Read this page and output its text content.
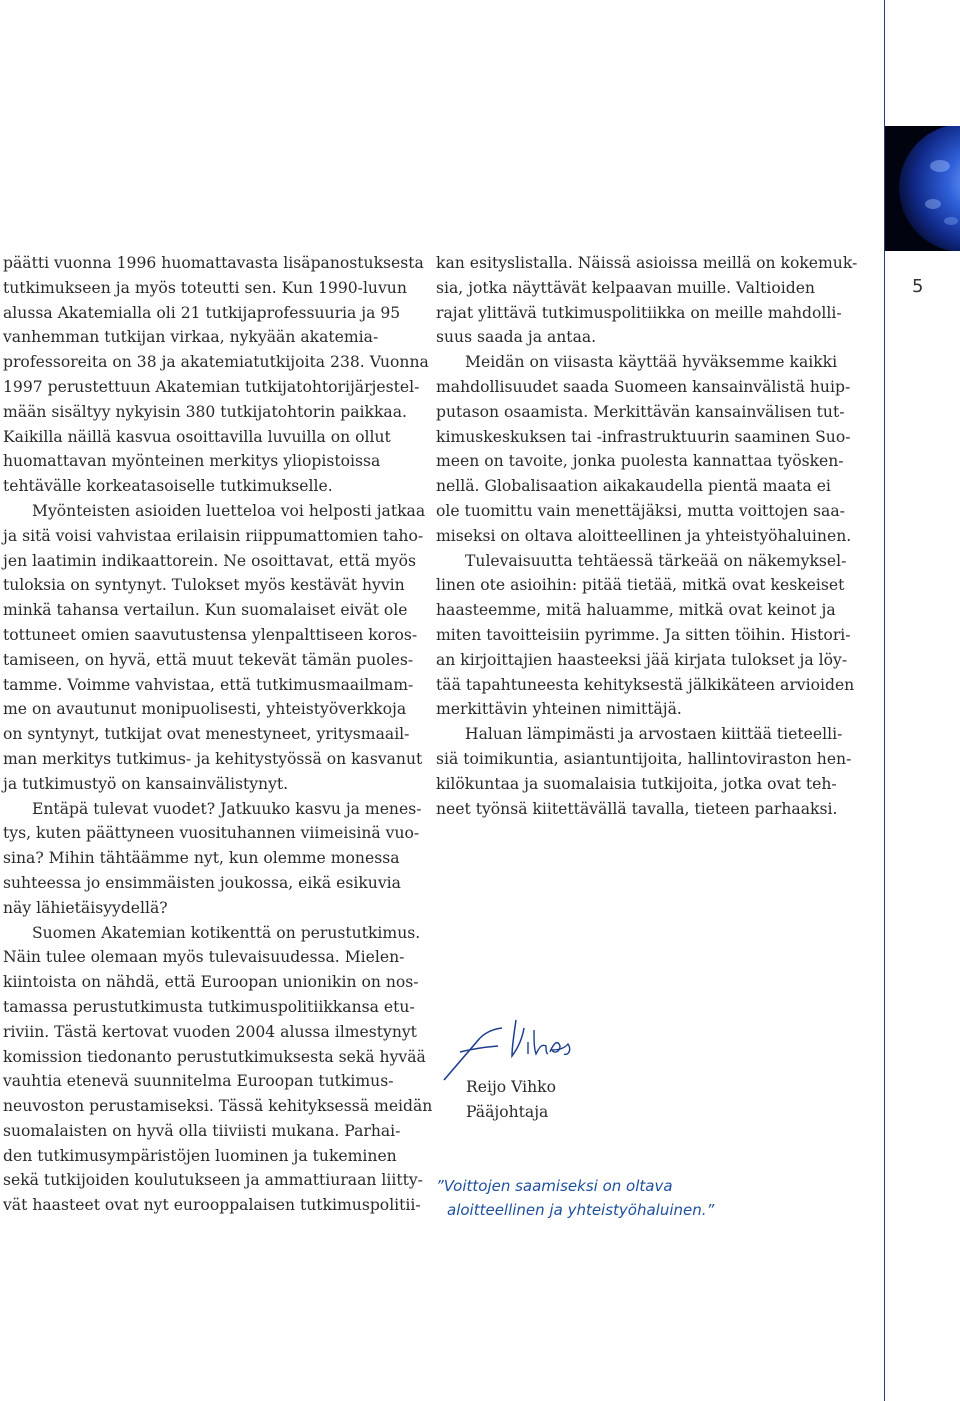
5
päätti vuonna 1996 huomattavasta lisäpanostuksesta
tutkimukseen ja myös toteutti sen. Kun 1990-luvun
alussa Akatemialla oli 21 tutkijaprofessuuria ja 95
vanhemman tutkijan virkaa, nykyään akatemia-
professoreita on 38 ja akatemiatutkijoita 238. Vuonna
1997 perustettuun Akatemian tutkijatohtorijärjestel-
mään sisältyy nykyisin 380 tutkijatohtorin paikkaa.
Kaikilla näillä kasvua osoittavilla luvuilla on ollut
huomattavan myönteinen merkitys yliopistoissa
tehtävälle korkeatasoiselle tutkimukselle.
Myönteisten asioiden luetteloa voi helposti jatkaa
ja sitä voisi vahvistaa erilaisin riippumattomien taho-
jen laatimin indikaattorein. Ne osoittavat, että myös
tuloksia on syntynyt. Tulokset myös kestävät hyvin
minkä tahansa vertailun. Kun suomalaiset eivät ole
tottuneet omien saavutustensa ylenpalttiseen koros-
tamiseen, on hyvä, että muut tekevät tämän puoles-
tamme. Voimme vahvistaa, että tutkimusmaailmam-
me on avautunut monipuolisesti, yhteistyöverkkoja
on syntynyt, tutkijat ovat menestyneet, yritysmaail-
man merkitys tutkimus- ja kehitystyössä on kasvanut
ja tutkimustyö on kansainvälistynyt.
Entäpä tulevat vuodet? Jatkuuko kasvu ja menes-
tys, kuten päättyneen vuosituhannen viimeisinä vuo-
sina? Mihin tähtäämme nyt, kun olemme monessa
suhteessa jo ensimmäisten joukossa, eikä esikuvia
näy lähietäisyydellä?
Suomen Akatemian kotikenttä on perustutkimus.
Näin tulee olemaan myös tulevaisuudessa. Mielen-
kiintoista on nähdä, että Euroopan unionikin on nos-
tamassa perustutkimusta tutkimuspolitiikkansa etu-
riviin. Tästä kertovat vuoden 2004 alussa ilmestynyt
komission tiedonanto perustutkimuksesta sekä hyvää
vauhtia etenevä suunnitelma Euroopan tutkimus-
neuvoston perustamiseksi. Tässä kehityksessä meidän
suomalaisten on hyvä olla tiiviisti mukana. Parhai-
den tutkimusympäristöjen luominen ja tukeminen
sekä tutkijoiden koulutukseen ja ammattiuraan liitty-
vät haasteet ovat nyt eurooppalaisen tutkimuspolitii-
kan esityslistalla. Näissä asioissa meillä on kokemuk-
sia, jotka näyttävät kelpaavan muille. Valtioiden
rajat ylittävä tutkimuspolitiikka on meille mahdolli-
suus saada ja antaa.
Meidän on viisasta käyttää hyväksemme kaikki
mahdollisuudet saada Suomeen kansainvälistä huip-
putason osaamista. Merkittävän kansainvälisen tut-
kimuskeskuksen tai -infrastruktuurin saaminen Suo-
meen on tavoite, jonka puolesta kannattaa työsken-
nellä. Globalisaation aikakaudella pientä maata ei
ole tuomittu vain menettäjäksi, mutta voittojen saa-
miseksi on oltava aloitteellinen ja yhteistyöhaluinen.
Tulevaisuutta tehtäessä tärkeää on näkemyksel-
linen ote asioihin: pitää tietää, mitkä ovat keskeiset
haasteemme, mitä haluamme, mitkä ovat keinot ja
miten tavoitteisiin pyrimme. Ja sitten töihin. Histori-
an kirjoittajien haasteeksi jää kirjata tulokset ja löy-
tää tapahtuneesta kehityksestä jälkikäteen arvioiden
merkittävin yhteinen nimittäjä.
Haluan lämpimästi ja arvostaen kiittää tieteelli-
siä toimikuntia, asiantuntijoita, hallintoviraston hen-
kilökuntaa ja suomalaisia tutkijoita, jotka ovat teh-
neet työnsä kiitettävällä tavalla, tieteen parhaaksi.
Reijo Vihko
Pääjohtaja
”Voittojen saamiseksi on oltava
aloitteellinen ja yhteistyöhaluinen.”
